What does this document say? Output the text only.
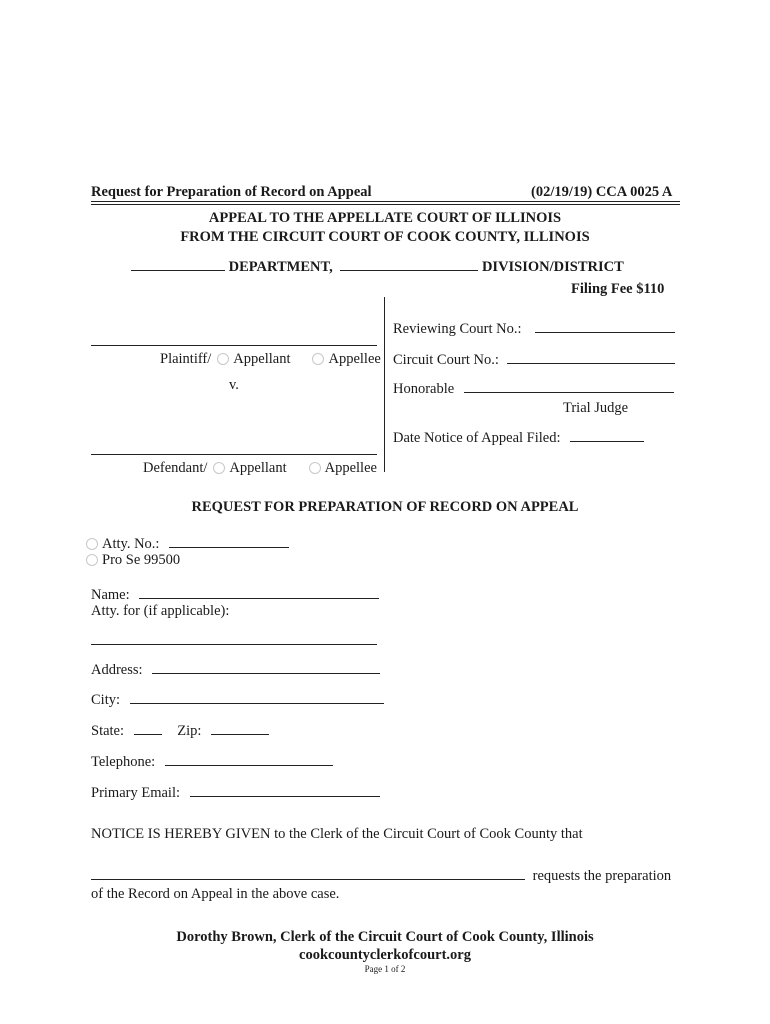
Request for Preparation of Record on Appeal	(02/19/19) CCA 0025 A
APPEAL TO THE APPELLATE COURT OF ILLINOIS
FROM THE CIRCUIT COURT OF COOK COUNTY, ILLINOIS
DEPARTMENT,	DIVISION/DISTRICT
Filing Fee $110
Plaintiff/ Appellant	Appellee
v.
Defendant/ Appellant	Appellee
Reviewing Court No.:
Circuit Court No.:
Honorable
Trial Judge
Date Notice of Appeal Filed:
REQUEST FOR PREPARATION OF RECORD ON APPEAL
Atty. No.:
Pro Se 99500
Name:
Atty. for (if applicable):
Address:
City:
State:	Zip:
Telephone:
Primary Email:
NOTICE IS HEREBY GIVEN to the Clerk of the Circuit Court of Cook County that
requests the preparation
of the Record on Appeal in the above case.
Dorothy Brown, Clerk of the Circuit Court of Cook County, Illinois
cookcountyclerkofcourt.org
Page 1 of 2
